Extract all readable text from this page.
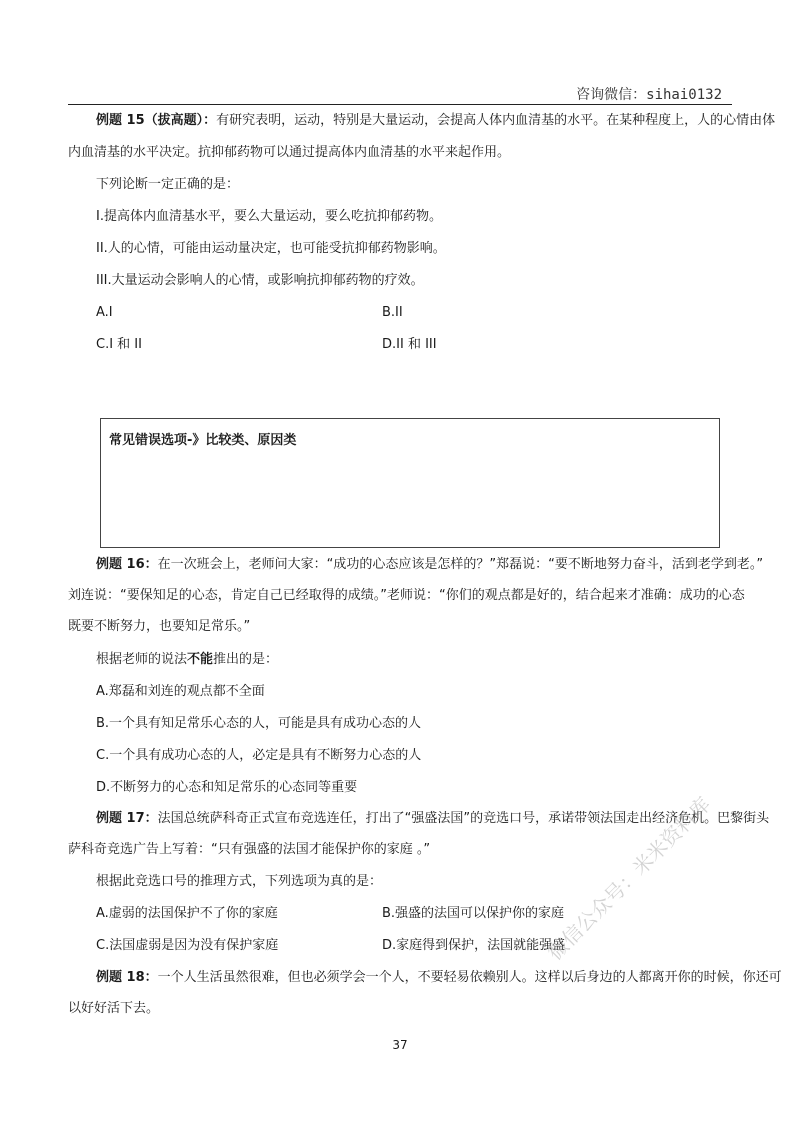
咨询微信：sihai0132
例题 15（拔高题）：有研究表明，运动，特别是大量运动，会提高人体内血清基的水平。在某种程度上，人的心情由体
内血清基的水平决定。抗抑郁药物可以通过提高体内血清基的水平来起作用。
下列论断一定正确的是：
I.提高体内血清基水平，要么大量运动，要么吃抗抑郁药物。
II.人的心情，可能由运动量决定，也可能受抗抑郁药物影响。
III.大量运动会影响人的心情，或影响抗抑郁药物的疗效。
A.I	B.II
C.I 和 II	D.II 和 III
例题 16：在一次班会上，老师问大家：“成功的心态应该是怎样的？”郑磊说：“要不断地努力奋斗，活到老学到老。”
刘连说：“要保知足的心态，肯定自己已经取得的成绩。”老师说：“你们的观点都是好的，结合起来才准确：成功的心态
既要不断努力，也要知足常乐。”
根据老师的说法不能推出的是：
A.郑磊和刘连的观点都不全面
B.一个具有知足常乐心态的人，可能是具有成功心态的人
C.一个具有成功心态的人，必定是具有不断努力心态的人
D.不断努力的心态和知足常乐的心态同等重要
例题 17：法国总统萨科奇正式宣布竞选连任，打出了“强盛法国”的竞选口号，承诺带领法国走出经济危机。巴黎街头
萨科奇竞选广告上写着：“只有强盛的法国才能保护你的家庭 。”
根据此竞选口号的推理方式，下列选项为真的是：
A.虚弱的法国保护不了你的家庭	B.强盛的法国可以保护你的家庭
C.法国虚弱是因为没有保护家庭	D.家庭得到保护，法国就能强盛
例题 18：一个人生活虽然很难，但也必须学会一个人，不要轻易依赖别人。这样以后身边的人都离开你的时候，你还可
以好好活下去。
常见错误选项-》比较类、原因类
37
微信公众号：米米资料库
